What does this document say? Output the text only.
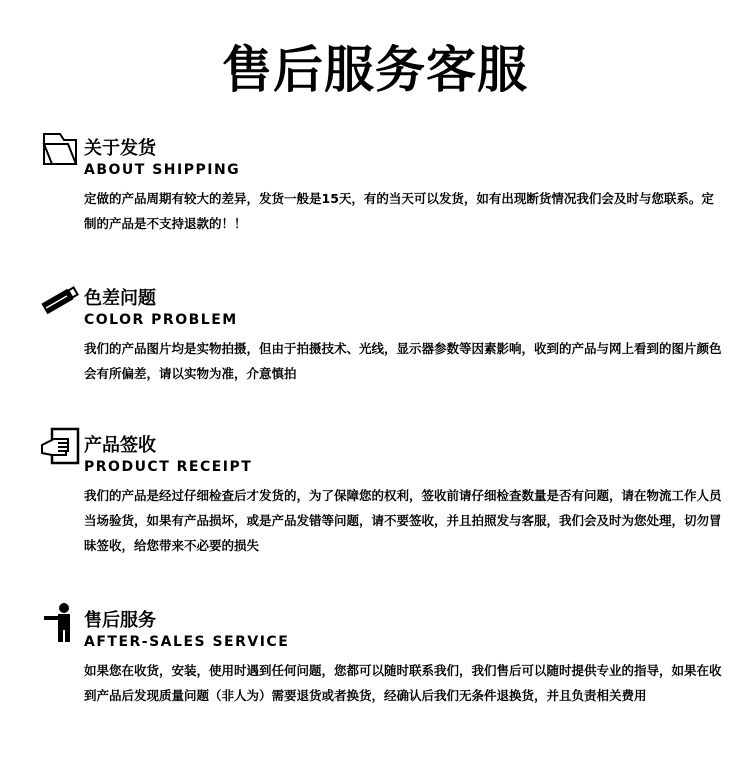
售后服务客服
关于发货
ABOUT SHIPPING
定做的产品周期有较大的差异，发货一般是15天，有的当天可以发货，如有出现断货情况我们会及时与您联系。定制的产品是不支持退款的！！
色差问题
COLOR PROBLEM
我们的产品图片均是实物拍摄，但由于拍摄技术、光线，显示器参数等因素影响，收到的产品与网上看到的图片颜色会有所偏差，请以实物为准，介意慎拍
产品签收
PRODUCT RECEIPT
我们的产品是经过仔细检查后才发货的，为了保障您的权利，签收前请仔细检查数量是否有问题，请在物流工作人员当场验货，如果有产品损坏，或是产品发错等问题，请不要签收，并且拍照发与客服，我们会及时为您处理，切勿冒昧签收，给您带来不必要的损失
售后服务
AFTER-SALES SERVICE
如果您在收货，安装，使用时遇到任何问题，您都可以随时联系我们，我们售后可以随时提供专业的指导，如果在收到产品后发现质量问题（非人为）需要退货或者换货，经确认后我们无条件退换货，并且负责相关费用
